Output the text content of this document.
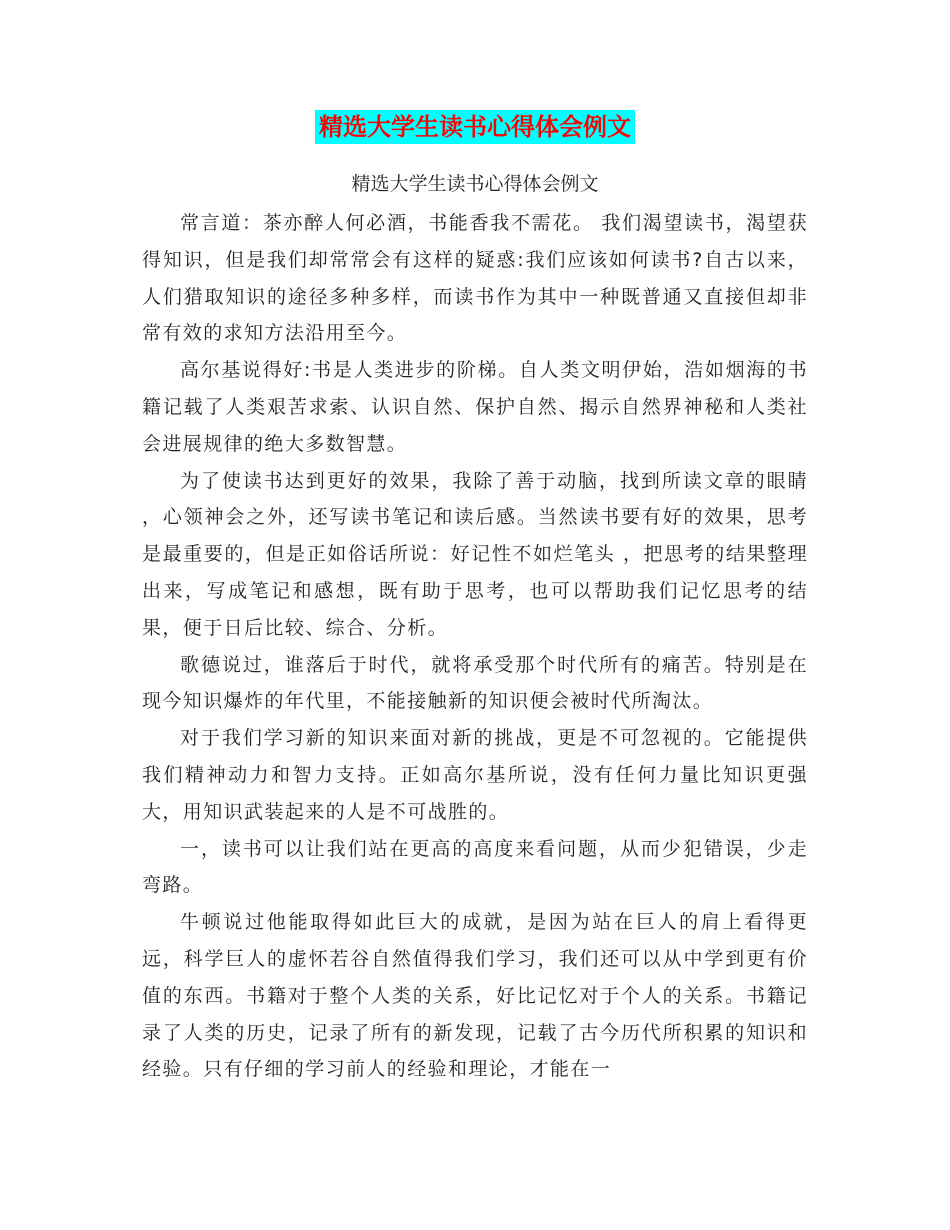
精选大学生读书心得体会例文
精选大学生读书心得体会例文

常言道：茶亦醉人何必酒，书能香我不需花。 我们渴望读书，渴望获得知识，但是我们却常常会有这样的疑惑:我们应该如何读书?自古以来，人们猎取知识的途径多种多样，而读书作为其中一种既普通又直接但却非常有效的求知方法沿用至今。

高尔基说得好:书是人类进步的阶梯。自人类文明伊始，浩如烟海的书籍记载了人类艰苦求索、认识自然、保护自然、揭示自然界神秘和人类社会进展规律的绝大多数智慧。

为了使读书达到更好的效果，我除了善于动脑，找到所读文章的眼睛 ，心领神会之外，还写读书笔记和读后感。当然读书要有好的效果，思考是最重要的，但是正如俗话所说：好记性不如烂笔头 ，把思考的结果整理出来，写成笔记和感想，既有助于思考，也可以帮助我们记忆思考的结果，便于日后比较、综合、分析。

歌德说过，谁落后于时代，就将承受那个时代所有的痛苦。特别是在现今知识爆炸的年代里，不能接触新的知识便会被时代所淘汰。

对于我们学习新的知识来面对新的挑战，更是不可忽视的。它能提供我们精神动力和智力支持。正如高尔基所说，没有任何力量比知识更强大，用知识武装起来的人是不可战胜的。

一，读书可以让我们站在更高的高度来看问题，从而少犯错误，少走弯路。

牛顿说过他能取得如此巨大的成就，是因为站在巨人的肩上看得更远，科学巨人的虚怀若谷自然值得我们学习，我们还可以从中学到更有价值的东西。书籍对于整个人类的关系，好比记忆对于个人的关系。书籍记录了人类的历史，记录了所有的新发现，记载了古今历代所积累的知识和经验。只有仔细的学习前人的经验和理论，才能在一
